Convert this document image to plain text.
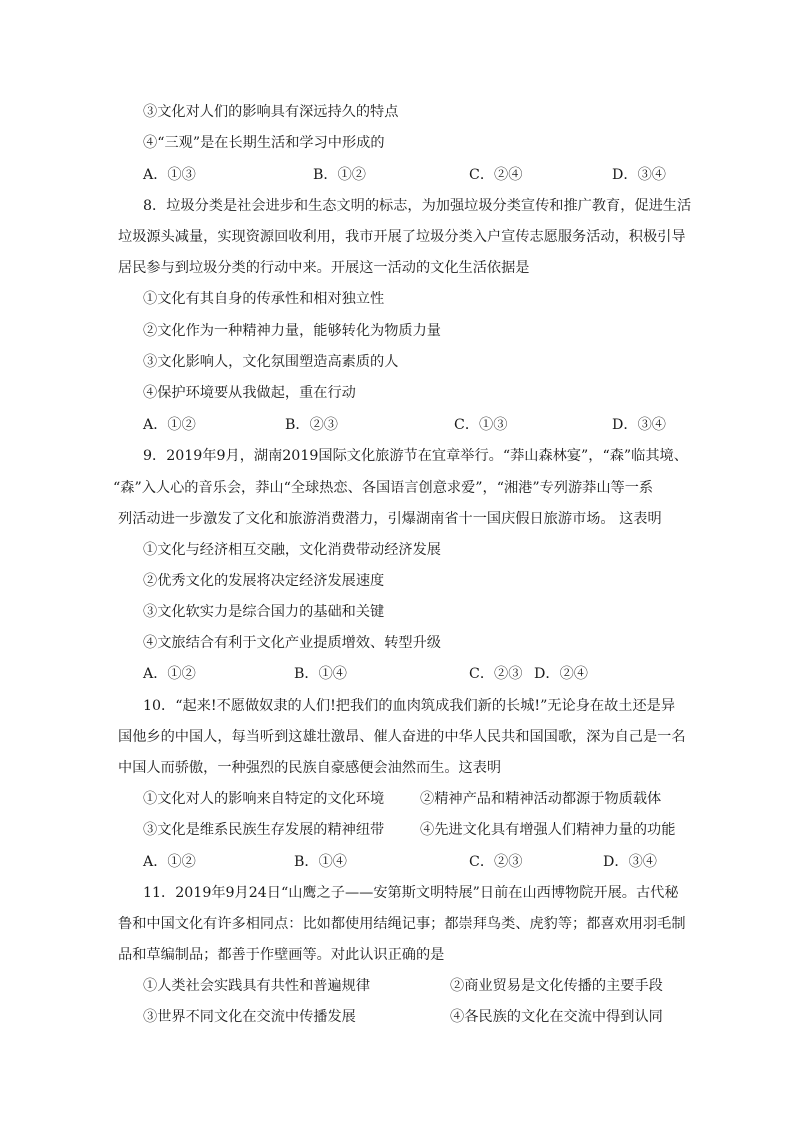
③文化对人们的影响具有深远持久的特点
④“三观”是在长期生活和学习中形成的
A．①③	B．①②	C．②④	D．③④
8．垃圾分类是社会进步和生态文明的标志，为加强垃圾分类宣传和推广教育，促进生活
垃圾源头减量，实现资源回收利用，我市开展了垃圾分类入户宣传志愿服务活动，积极引导
居民参与到垃圾分类的行动中来。开展这一活动的文化生活依据是
①文化有其自身的传承性和相对独立性
②文化作为一种精神力量，能够转化为物质力量
③文化影响人，文化氛围塑造高素质的人
④保护环境要从我做起，重在行动
A．①②	B．②③	C．①③	D．③④
9．2019年9月，湖南2019国际文化旅游节在宜章举行。“莽山森林宴”，“森”临其境、
“森”入人心的音乐会，莽山“全球热恋、各国语言创意求爱”，“湘港”专列游莽山等一系
列活动进一步激发了文化和旅游消费潜力，引爆湖南省十一国庆假日旅游市场。 这表明
①文化与经济相互交融，文化消费带动经济发展
②优秀文化的发展将决定经济发展速度
③文化软实力是综合国力的基础和关键
④文旅结合有利于文化产业提质增效、转型升级
A．①②	B．①④	C．②③ D．②④
10．“起来!不愿做奴隶的人们!把我们的血肉筑成我们新的长城!”无论身在故土还是异
国他乡的中国人，每当听到这雄壮激昂、催人奋进的中华人民共和国国歌，深为自己是一名
中国人而骄傲，一种强烈的民族自豪感便会油然而生。这表明
①文化对人的影响来自特定的文化环境	②精神产品和精神活动都源于物质载体
③文化是维系民族生存发展的精神纽带	④先进文化具有增强人们精神力量的功能
A．①②	B．①④	C．②③	D．③④
11．2019年9月24日“山鹰之子——安第斯文明特展”日前在山西博物院开展。古代秘
鲁和中国文化有许多相同点：比如都使用结绳记事；都崇拜鸟类、虎豹等；都喜欢用羽毛制
品和草编制品；都善于作壁画等。对此认识正确的是
①人类社会实践具有共性和普遍规律	②商业贸易是文化传播的主要手段
③世界不同文化在交流中传播发展	④各民族的文化在交流中得到认同
